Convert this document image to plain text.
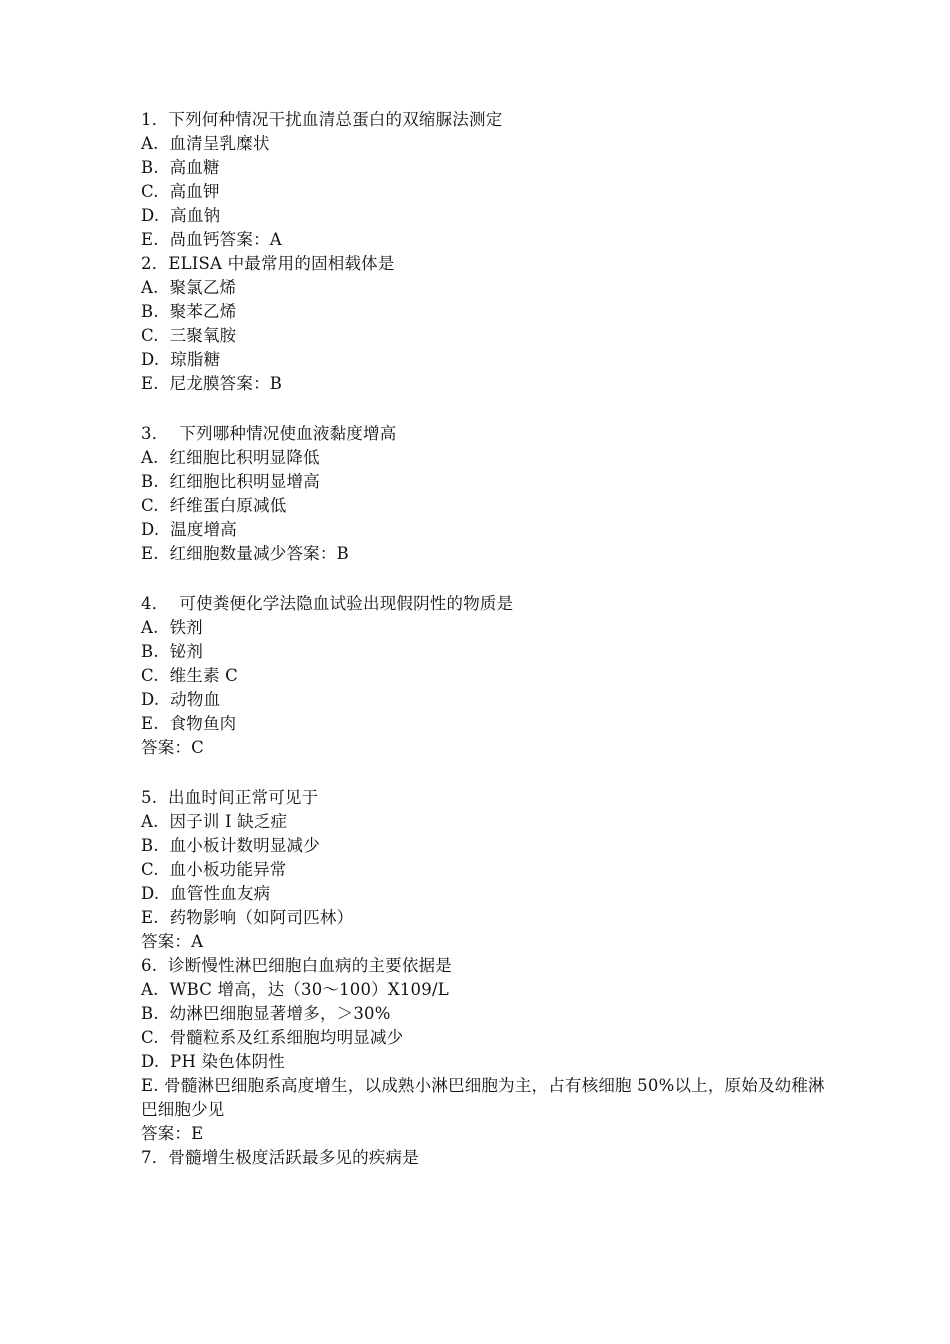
1．下列何种情况干扰血清总蛋白的双缩脲法测定
A.  血清呈乳糜状
B.  高血糖
C.  高血钾
D.  高血钠
E.  咼血钙答案：A
2．ELISA 中最常用的固相载体是
A.  聚氯乙烯
B.  聚苯乙烯
C.  三聚氧胺
D.  琼脂糖
E.  尼龙膜答案：B
3．  下列哪种情况使血液黏度增高
A.  红细胞比积明显降低
B.  红细胞比积明显增高
C.  纤维蛋白原减低
D.  温度增高
E.  红细胞数量减少答案：B
4．  可使粪便化学法隐血试验出现假阴性的物质是
A.  铁剂
B.  铋剂
C.  维生素 C
D.  动物血
E.  食物鱼肉
答案：C
5.  出血时间正常可见于
A.  因子训 I 缺乏症
B.  血小板计数明显减少
C.  血小板功能异常
D.  血管性血友病
E.  药物影响（如阿司匹林）
答案：A
6.  诊断慢性淋巴细胞白血病的主要依据是
A.  WBC 增高，达（30〜100）X109/L
B.  幼淋巴细胞显著增多，＞30%
C.  骨髓粒系及红系细胞均明显减少
D.  PH 染色体阴性
E. 骨髓淋巴细胞系高度增生，以成熟小淋巴细胞为主，占有核细胞 50%以上，原始及幼稚淋巴细胞少见
答案：E
7．骨髓增生极度活跃最多见的疾病是
